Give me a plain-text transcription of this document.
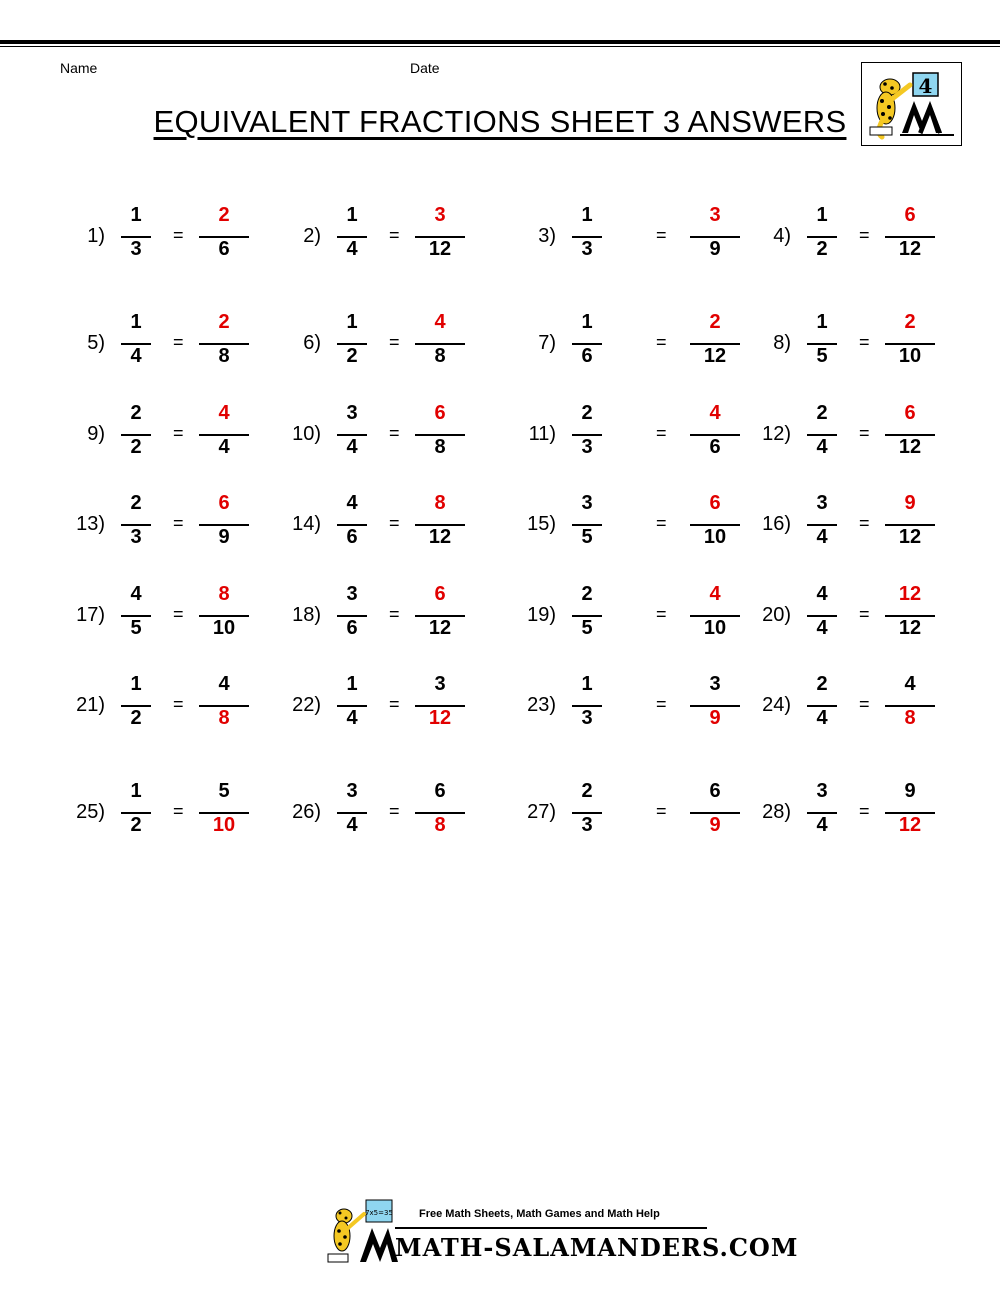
Name	Date
EQUIVALENT FRACTIONS SHEET 3 ANSWERS
4
1)
1
3
=
2
6
2)
1
4
=
3
12
3)
1
3
=
3
9
4)
1
2
=
6
12
5)
1
4
=
2
8
6)
1
2
=
4
8
7)
1
6
=
2
12
8)
1
5
=
2
10
9)
2
2
=
4
4
10)
3
4
=
6
8
11)
2
3
=
4
6
12)
2
4
=
6
12
13)
2
3
=
6
9
14)
4
6
=
8
12
15)
3
5
=
6
10
16)
3
4
=
9
12
17)
4
5
=
8
10
18)
3
6
=
6
12
19)
2
5
=
4
10
20)
4
4
=
12
12
21)
1
2
=
4
8
22)
1
4
=
3
12
23)
1
3
=
3
9
24)
2
4
=
4
8
25)
1
2
=
5
10
26)
3
4
=
6
8
27)
2
3
=
6
9
28)
3
4
=
9
12
7x5=35 Free Math Sheets, Math Games and Math Help
MATH-SALAMANDERS.COM
